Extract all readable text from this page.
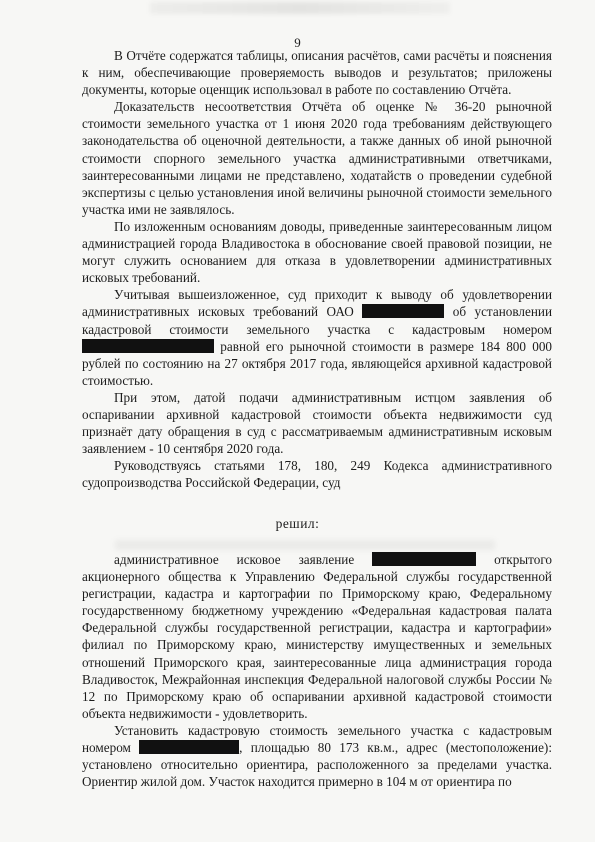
9

В Отчёте содержатся таблицы, описания расчётов, сами расчёты и пояснения к ним, обеспечивающие проверяемость выводов и результатов; приложены документы, которые оценщик использовал в работе по составлению Отчёта.

Доказательств несоответствия Отчёта об оценке № 36-20 рыночной стоимости земельного участка от 1 июня 2020 года требованиям действующего законодательства об оценочной деятельности, а также данных об иной рыночной стоимости спорного земельного участка административными ответчиками, заинтересованными лицами не представлено, ходатайств о проведении судебной экспертизы с целью установления иной величины рыночной стоимости земельного участка ими не заявлялось.

По изложенным основаниям доводы, приведенные заинтересованным лицом администрацией города Владивостока в обоснование своей правовой позиции, не могут служить основанием для отказа в удовлетворении административных исковых требований.

Учитывая вышеизложенное, суд приходит к выводу об удовлетворении административных исковых требований ОАО	об установлении кадастровой стоимости земельного участка с кадастровым номером  равной его рыночной стоимости в размере 184 800 000 рублей по состоянию на 27 октября 2017 года, являющейся архивной кадастровой стоимостью.

При этом, датой подачи административным истцом заявления об оспаривании архивной кадастровой стоимости объекта недвижимости суд признаёт дату обращения в суд с рассматриваемым административным исковым заявлением - 10 сентября 2020 года.

Руководствуясь статьями 178, 180, 249 Кодекса административного судопроизводства Российской Федерации, суд

решил:

административное исковое заявление	открытого акционерного общества к Управлению Федеральной службы государственной регистрации, кадастра и картографии по Приморскому краю, Федеральному государственному бюджетному учреждению «Федеральная кадастровая палата Федеральной службы государственной регистрации, кадастра и картографии» филиал по Приморскому краю, министерству имущественных и земельных отношений Приморского края, заинтересованные лица администрация города Владивосток, Межрайонная инспекция Федеральной налоговой службы России № 12 по Приморскому краю об оспаривании архивной кадастровой стоимости объекта недвижимости - удовлетворить.

Установить кадастровую стоимость земельного участка с кадастровым номером	, площадью 80 173 кв.м., адрес (местоположение): установлено относительно ориентира, расположенного за пределами участка. Ориентир жилой дом. Участок находится примерно в 104 м от ориентира по
